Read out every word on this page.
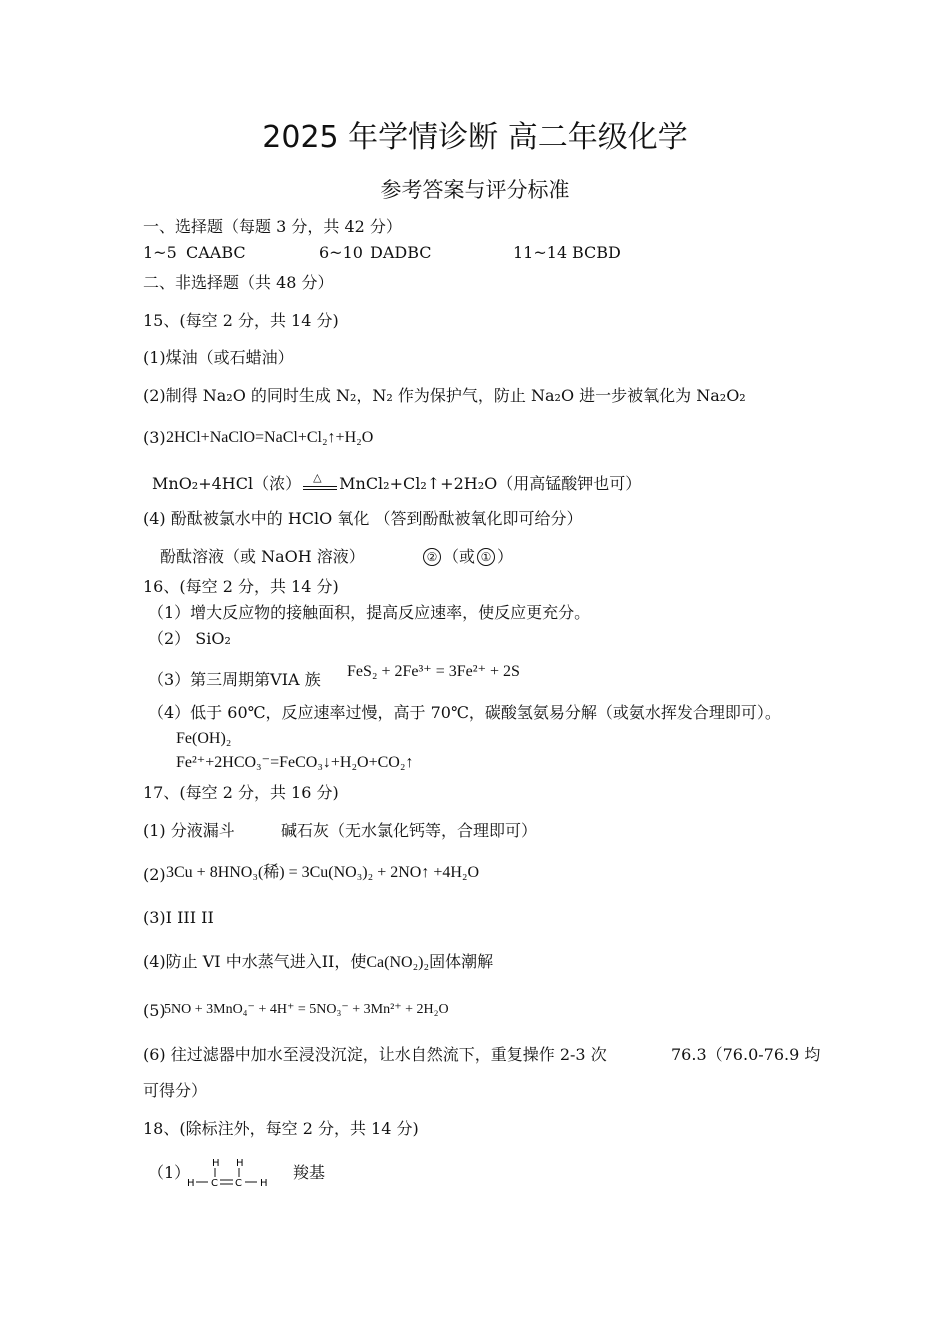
2025 年学情诊断 高二年级化学
参考答案与评分标准
一、选择题（每题 3 分，共 42 分）
1~5 CAABC	6~10 DADBC	11~14 BCBD
二、非选择题（共 48 分）
15、(每空 2 分，共 14 分)
(1)煤油（或石蜡油）
(2)制得 Na₂O 的同时生成 N₂，N₂ 作为保护气，防止 Na₂O 进一步被氧化为 Na₂O₂
(3) 2HCl+NaClO=NaCl+Cl₂↑+H₂O
MnO₂+4HCl（浓） △ MnCl₂+Cl₂↑+2H₂O（用高锰酸钾也可）
(4) 酚酞被氯水中的 HClO 氧化 （答到酚酞被氧化即可给分）
酚酞溶液（或 NaOH 溶液）	② （或 ① ）
16、(每空 2 分，共 14 分)
（1）增大反应物的接触面积，提高反应速率，使反应更充分。
（2） SiO₂
（3）第三周期第VIA 族 FeS₂ + 2Fe³⁺ = 3Fe²⁺ + 2S
（4）低于 60℃，反应速率过慢，高于 70℃，碳酸氢氨易分解（或氨水挥发合理即可）。
Fe(OH)₂
Fe²⁺+2HCO₃⁻=FeCO₃↓+H₂O+CO₂↑
17、(每空 2 分，共 16 分)
(1) 分液漏斗	碱石灰（无水氯化钙等，合理即可）
(2) 3Cu + 8HNO₃(稀) = 3Cu(NO₃)₂ + 2NO↑ +4H₂O
(3)I III II
(4)防止 VI 中水蒸气进入II，使Ca(NO₂)₂固体潮解
(5)
5NO + 3MnO₄⁻ + 4H⁺ = 5NO₃⁻ + 3Mn²⁺ + 2H₂O
(6) 往过滤器中加水至浸没沉淀，让水自然流下，重复操作 2-3 次	76.3（76.0-76.9 均
可得分）
18、(除标注外，每空 2 分，共 14 分)
（1） H H
H C C H
羧基
